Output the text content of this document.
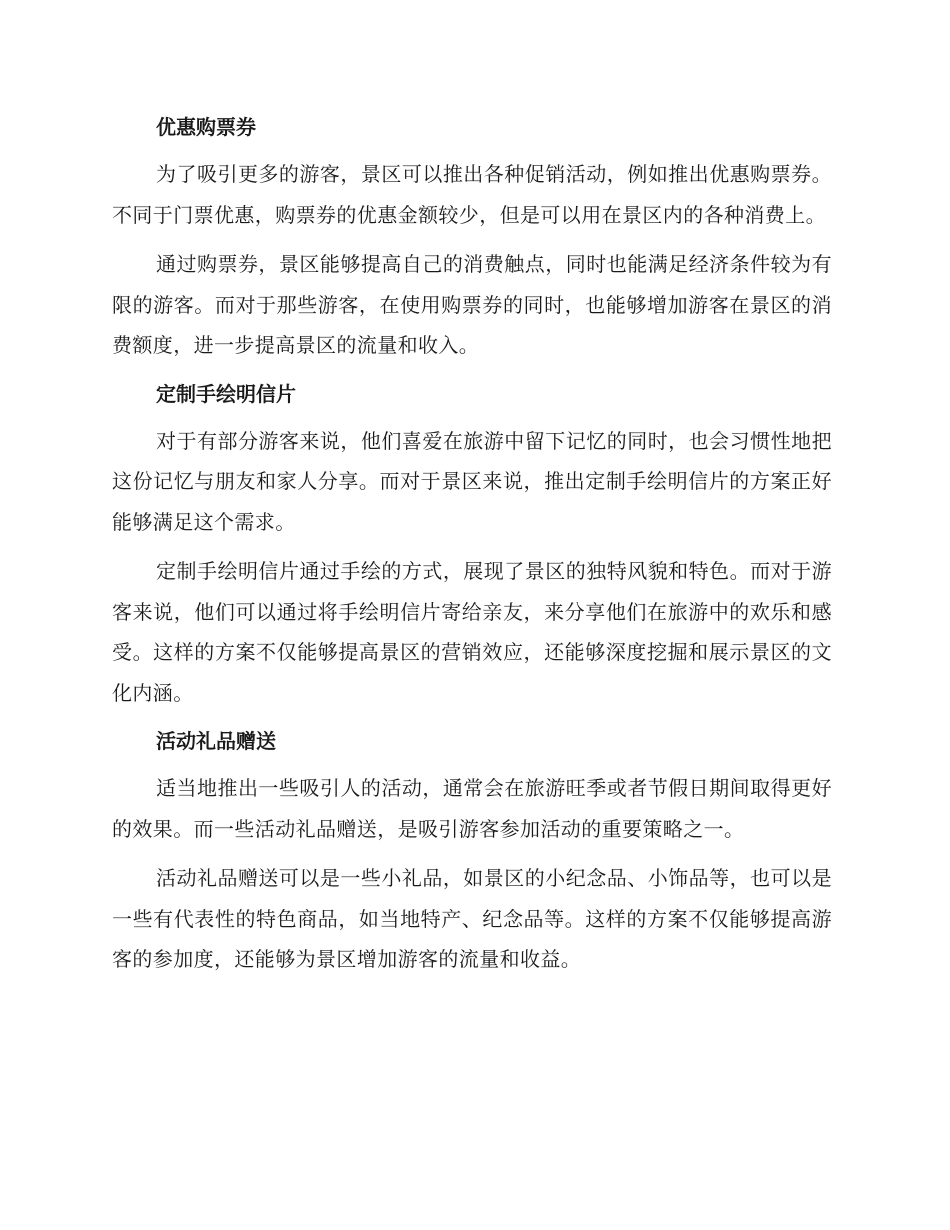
优惠购票券

为了吸引更多的游客，景区可以推出各种促销活动，例如推出优惠购票券。不同于门票优惠，购票券的优惠金额较少，但是可以用在景区内的各种消费上。

通过购票券，景区能够提高自己的消费触点，同时也能满足经济条件较为有限的游客。而对于那些游客，在使用购票券的同时，也能够增加游客在景区的消费额度，进一步提高景区的流量和收入。

定制手绘明信片

对于有部分游客来说，他们喜爱在旅游中留下记忆的同时，也会习惯性地把这份记忆与朋友和家人分享。而对于景区来说，推出定制手绘明信片的方案正好能够满足这个需求。

定制手绘明信片通过手绘的方式，展现了景区的独特风貌和特色。而对于游客来说，他们可以通过将手绘明信片寄给亲友，来分享他们在旅游中的欢乐和感受。这样的方案不仅能够提高景区的营销效应，还能够深度挖掘和展示景区的文化内涵。

活动礼品赠送

适当地推出一些吸引人的活动，通常会在旅游旺季或者节假日期间取得更好的效果。而一些活动礼品赠送，是吸引游客参加活动的重要策略之一。

活动礼品赠送可以是一些小礼品，如景区的小纪念品、小饰品等，也可以是一些有代表性的特色商品，如当地特产、纪念品等。这样的方案不仅能够提高游客的参加度，还能够为景区增加游客的流量和收益。
